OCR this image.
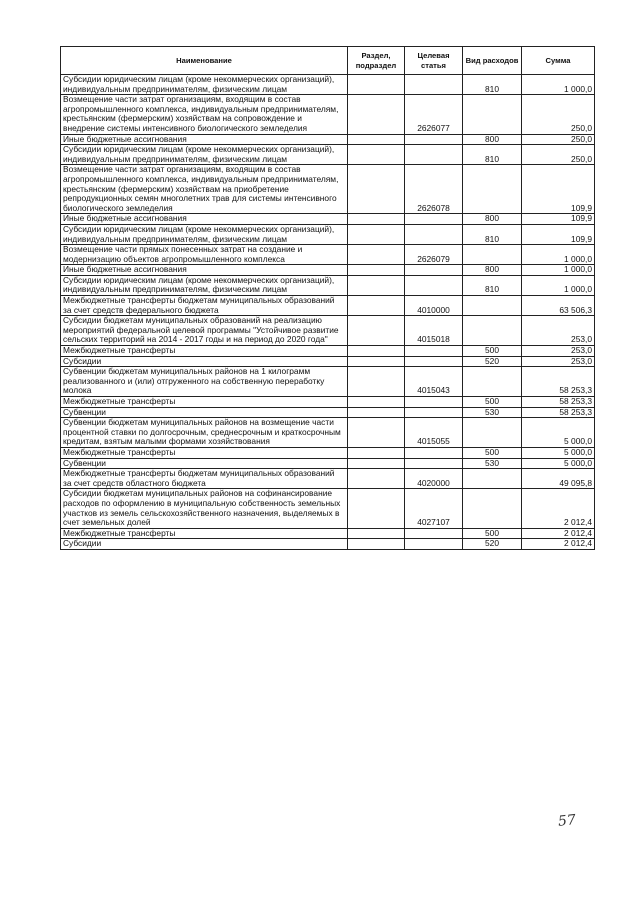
Наименование	Раздел, подраздел	Целевая статья	Вид расходов	Сумма
Субсидии юридическим лицам (кроме некоммерческих организаций), индивидуальным предпринимателям, физическим лицам			810	1 000,0
Возмещение части затрат организациям, входящим в состав агропромышленного комплекса, индивидуальным предпринимателям, крестьянским (фермерским) хозяйствам на сопровождение и внедрение системы интенсивного биологического земледелия		2626077		250,0
Иные бюджетные ассигнования			800	250,0
Субсидии юридическим лицам (кроме некоммерческих организаций), индивидуальным предпринимателям, физическим лицам			810	250,0
Возмещение части затрат организациям, входящим в состав агропромышленного комплекса, индивидуальным предпринимателям, крестьянским (фермерским) хозяйствам на приобретение репродукционных семян многолетних трав для системы интенсивного биологического земледелия		2626078		109,9
Иные бюджетные ассигнования			800	109,9
Субсидии юридическим лицам (кроме некоммерческих организаций), индивидуальным предпринимателям, физическим лицам			810	109,9
Возмещение части прямых понесенных затрат на создание и модернизацию объектов агропромышленного комплекса		2626079		1 000,0
Иные бюджетные ассигнования			800	1 000,0
Субсидии юридическим лицам (кроме некоммерческих организаций), индивидуальным предпринимателям, физическим лицам			810	1 000,0
Межбюджетные трансферты бюджетам муниципальных образований за счет средств федерального бюджета		4010000		63 506,3
Субсидии бюджетам муниципальных образований на реализацию мероприятий федеральной целевой программы "Устойчивое развитие сельских территорий на 2014 - 2017 годы и на период до 2020 года"		4015018		253,0
Межбюджетные трансферты			500	253,0
Субсидии			520	253,0
Субвенции бюджетам муниципальных районов на 1 килограмм реализованного и (или) отгруженного на собственную переработку молока		4015043		58 253,3
Межбюджетные трансферты			500	58 253,3
Субвенции			530	58 253,3
Субвенции бюджетам муниципальных районов на возмещение части процентной ставки по долгосрочным, среднесрочным и краткосрочным кредитам, взятым малыми формами хозяйствования		4015055		5 000,0
Межбюджетные трансферты			500	5 000,0
Субвенции			530	5 000,0
Межбюджетные трансферты бюджетам муниципальных образований за счет средств областного бюджета		4020000		49 095,8
Субсидии бюджетам муниципальных районов на софинансирование расходов по оформлению в муниципальную собственность земельных участков из земель сельскохозяйственного назначения, выделяемых в счет земельных долей		4027107		2 012,4
Межбюджетные трансферты			500	2 012,4
Субсидии			520	2 012,4
57
